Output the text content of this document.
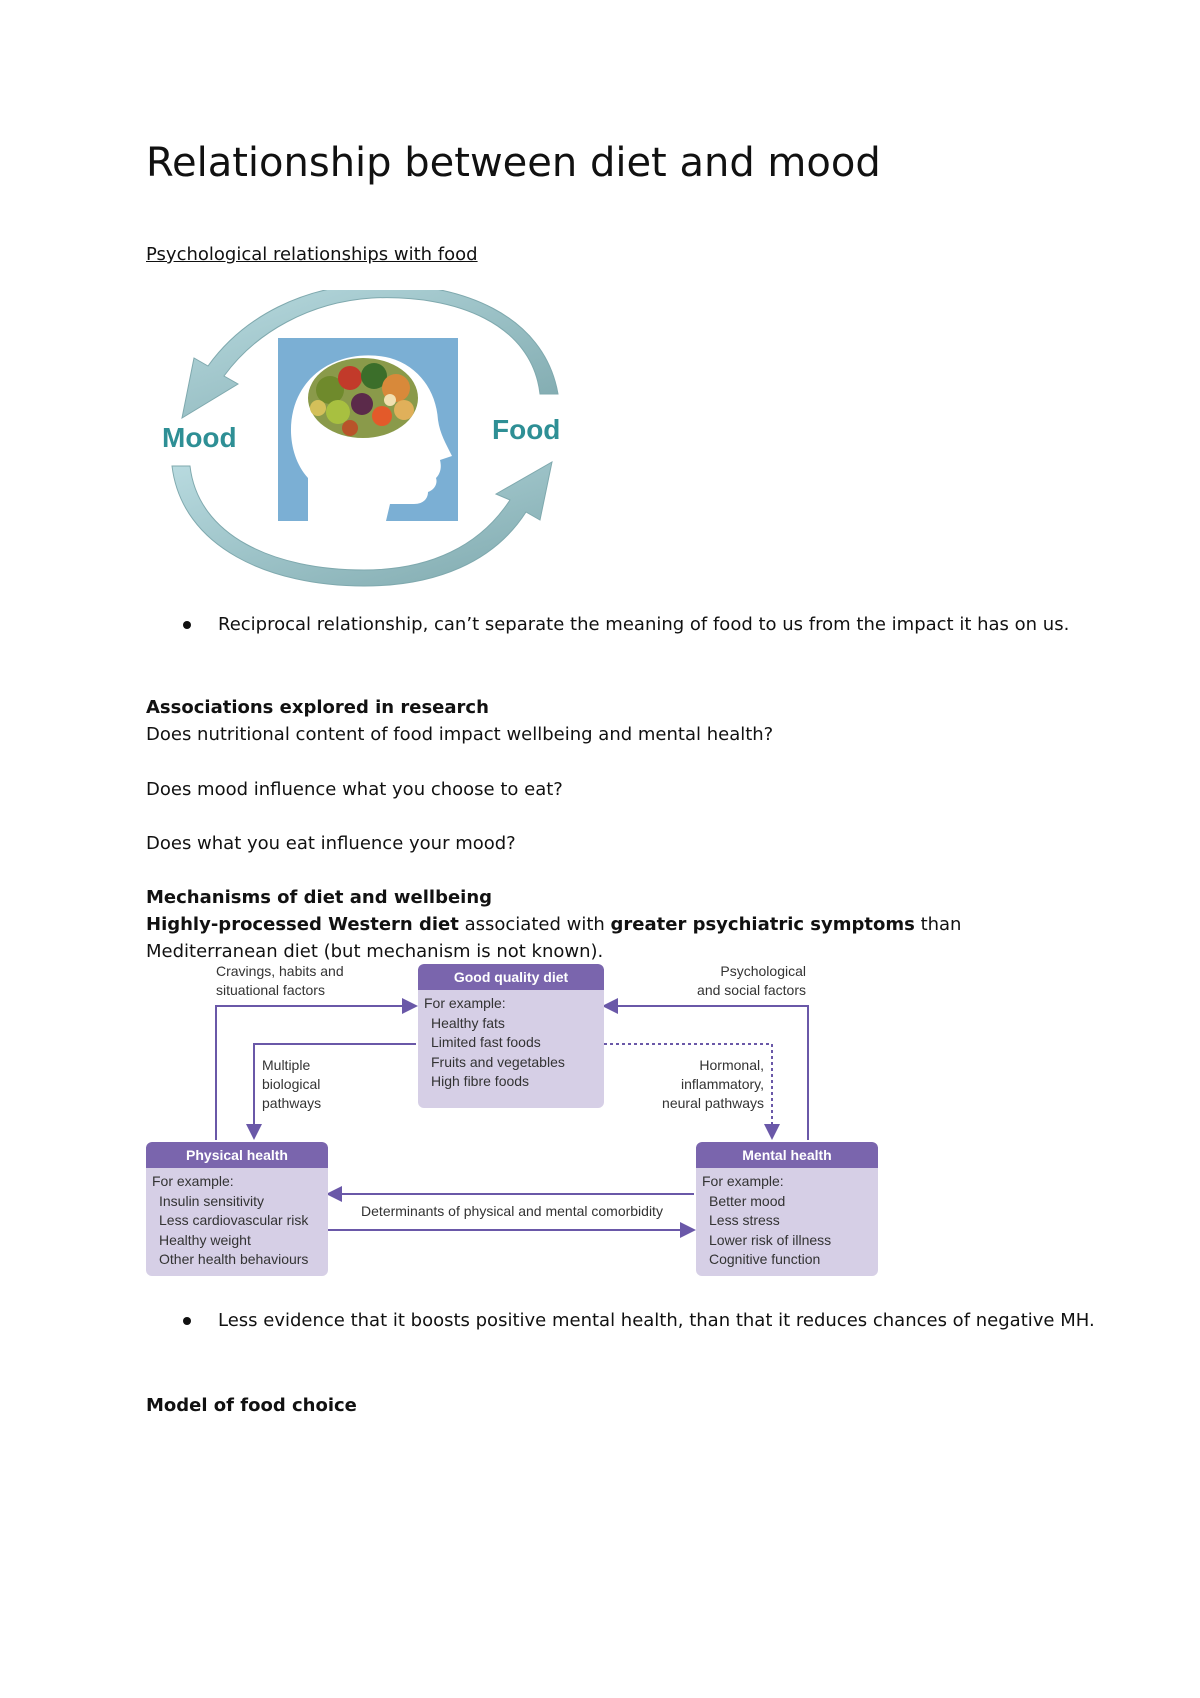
Relationship between diet and mood
Psychological relationships with food
Mood	Food
Reciprocal relationship, can’t separate the meaning of food to us from the impact it has on us.
Associations explored in research
Does nutritional content of food impact wellbeing and mental health?
Does mood influence what you choose to eat?
Does what you eat influence your mood?
Mechanisms of diet and wellbeing
Highly-processed Western diet associated with greater psychiatric symptoms than Mediterranean diet (but mechanism is not known).
Good quality diet
For example:
Healthy fats
Limited fast foods
Fruits and vegetables
High fibre foods
Physical health
For example:
Insulin sensitivity
Less cardiovascular risk
Healthy weight
Other health behaviours
Mental health
For example:
Better mood
Less stress
Lower risk of illness
Cognitive function
Cravings, habits and
situational factors
Psychological
and social factors
Multiple
biological
pathways
Hormonal,
inflammatory,
neural pathways
Determinants of physical and mental comorbidity
Less evidence that it boosts positive mental health, than that it reduces chances of negative MH.
Model of food choice
